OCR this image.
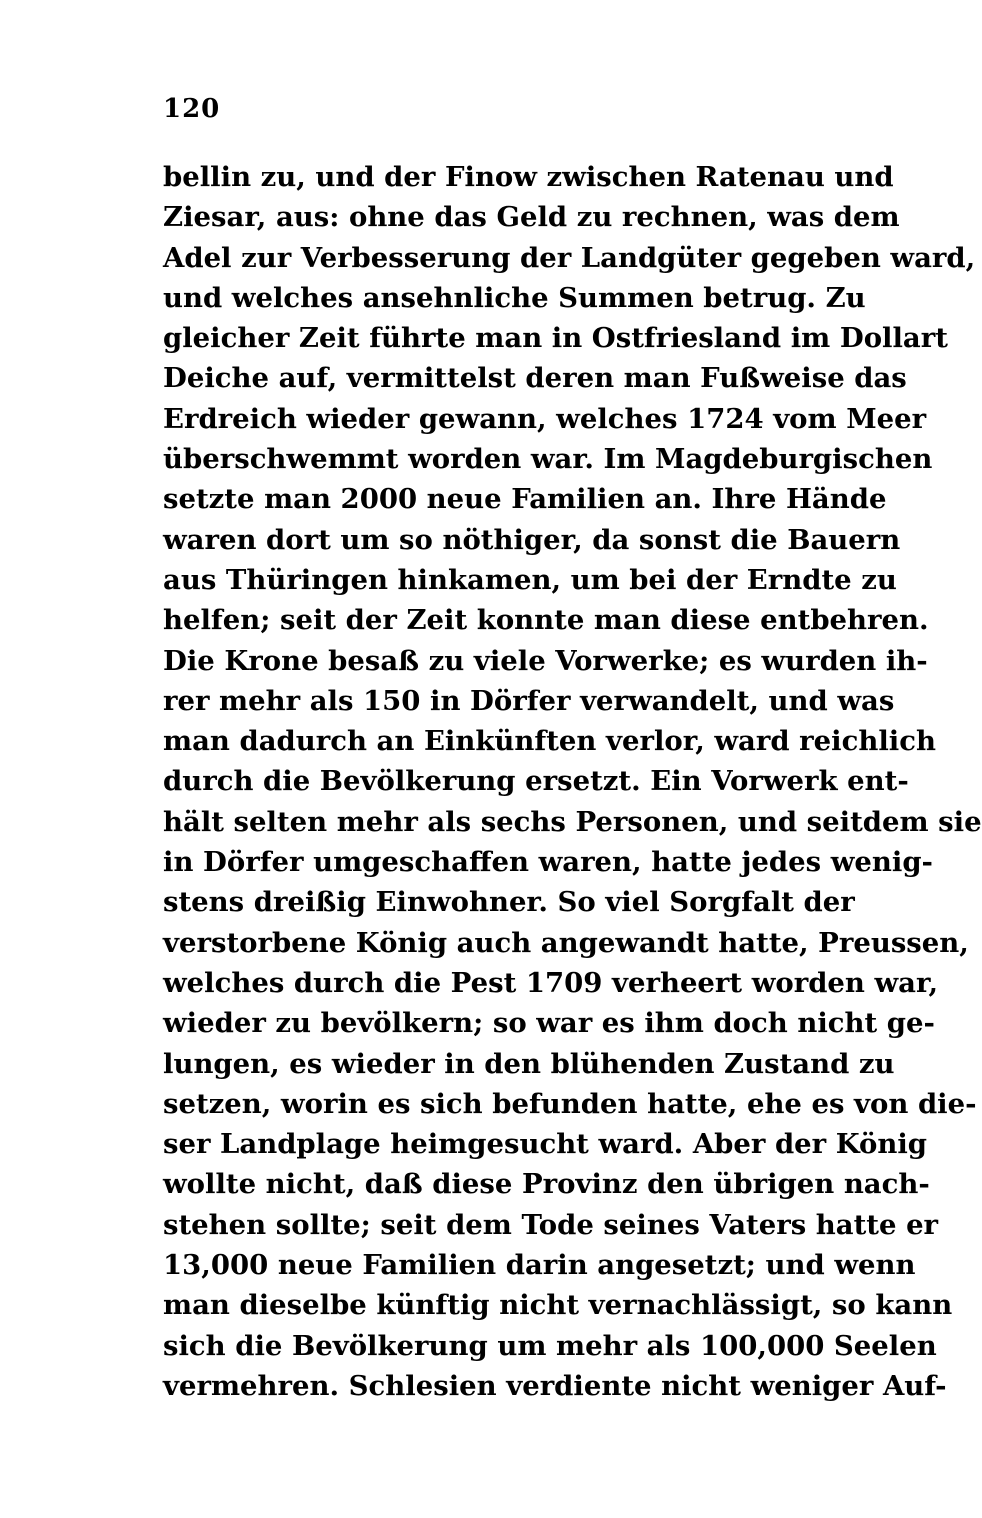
120
bellin zu, und der Finow zwischen Ratenau und
Ziesar, aus: ohne das Geld zu rechnen, was dem
Adel zur Verbesserung der Landgüter gegeben ward,
und welches ansehnliche Summen betrug. Zu
gleicher Zeit führte man in Ostfriesland im Dollart
Deiche auf, vermittelst deren man Fußweise das
Erdreich wieder gewann, welches 1724 vom Meer
überschwemmt worden war. Im Magdeburgischen
setzte man 2000 neue Familien an. Ihre Hände
waren dort um so nöthiger, da sonst die Bauern
aus Thüringen hinkamen, um bei der Erndte zu
helfen; seit der Zeit konnte man diese entbehren.
Die Krone besaß zu viele Vorwerke; es wurden ih-
rer mehr als 150 in Dörfer verwandelt, und was
man dadurch an Einkünften verlor, ward reichlich
durch die Bevölkerung ersetzt. Ein Vorwerk ent-
hält selten mehr als sechs Personen, und seitdem sie
in Dörfer umgeschaffen waren, hatte jedes wenig-
stens dreißig Einwohner. So viel Sorgfalt der
verstorbene König auch angewandt hatte, Preussen,
welches durch die Pest 1709 verheert worden war,
wieder zu bevölkern; so war es ihm doch nicht ge-
lungen, es wieder in den blühenden Zustand zu
setzen, worin es sich befunden hatte, ehe es von die-
ser Landplage heimgesucht ward. Aber der König
wollte nicht, daß diese Provinz den übrigen nach-
stehen sollte; seit dem Tode seines Vaters hatte er
13,000 neue Familien darin angesetzt; und wenn
man dieselbe künftig nicht vernachlässigt, so kann
sich die Bevölkerung um mehr als 100,000 Seelen
vermehren. Schlesien verdiente nicht weniger Auf-
